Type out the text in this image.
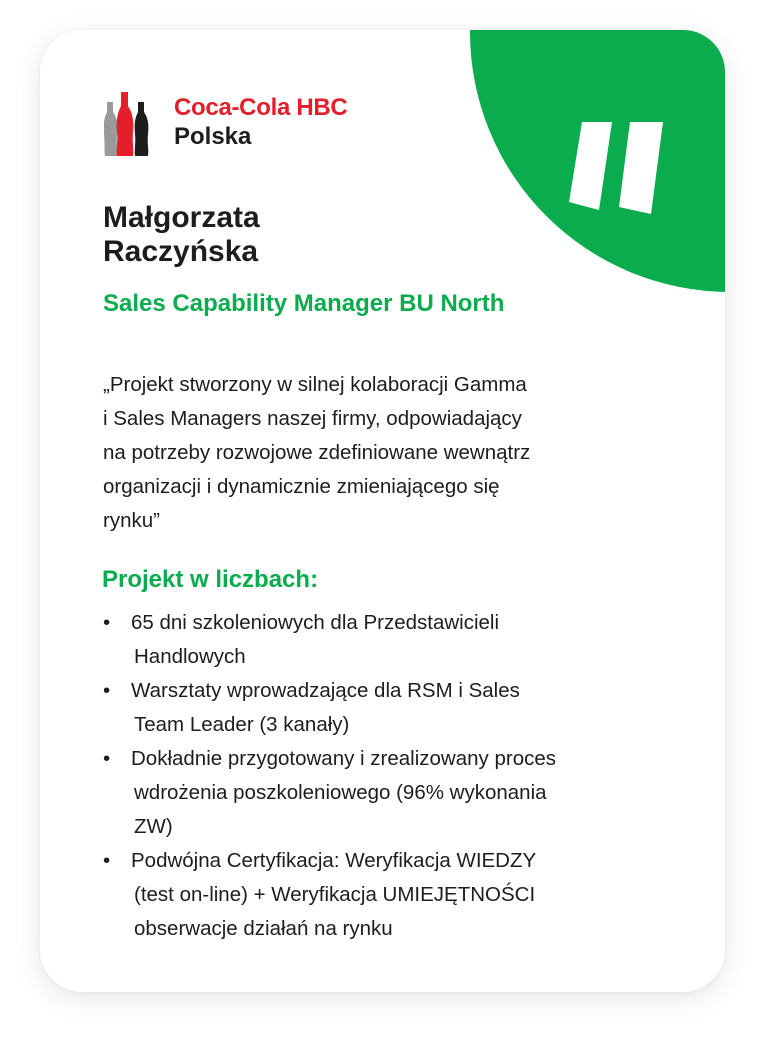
Coca-Cola HBC
Polska
Małgorzata
Raczyńska
Sales Capability Manager BU North
„Projekt stworzony w silnej kolaboracji Gamma
i Sales Managers naszej firmy, odpowiadający
na potrzeby rozwojowe zdefiniowane wewnątrz
organizacji i dynamicznie zmieniającego się
rynku”
Projekt w liczbach:
• 65 dni szkoleniowych dla Przedstawicieli
Handlowych
• Warsztaty wprowadzające dla RSM i Sales
Team Leader (3 kanały)
• Dokładnie przygotowany i zrealizowany proces
wdrożenia poszkoleniowego (96% wykonania
ZW)
• Podwójna Certyfikacja: Weryfikacja WIEDZY
(test on-line) + Weryfikacja UMIEJĘTNOŚCI
obserwacje działań na rynku
